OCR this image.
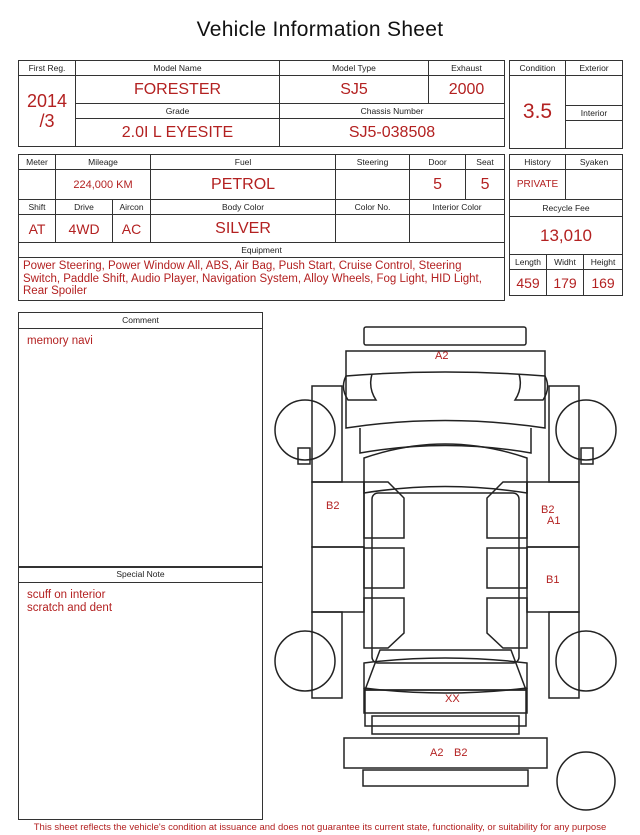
Vehicle Information Sheet
First Reg.	Model Name	Model Type	Exhaust

2014
/3	FORESTER	SJ5	2000
	Grade	Chassis Number	
	2.0I L EYESITE	SJ5-038508	
Condition	Exterior
3.5	
	Interior

Meter	Mileage		Fuel	Steering	Door	Seat
	224,000 KM		PETROL		5	5
Shift	Drive	Aircon	Body Color	Color No.	Interior Color	
AT	4WD	AC	SILVER			
Equipment						
Power Steering, Power Window All, ABS, Air Bag, Push Start, Cruise Control, Steering Switch, Paddle Shift, Audio Player, Navigation System, Alloy Wheels, Fog Light, HID Light, Rear Spoiler						
History		Syaken	
PRIVATE			
Recycle Fee			
13,010			
Length	Widht		Height
459	179		169
Comment
memory navi
Special Note
scuff on interior
scratch and dent
A2
B2	B2
A1
B1
XX
A2 B2
This sheet reflects the vehicle's condition at issuance and does not guarantee its current state, functionality, or suitability for any purpose
